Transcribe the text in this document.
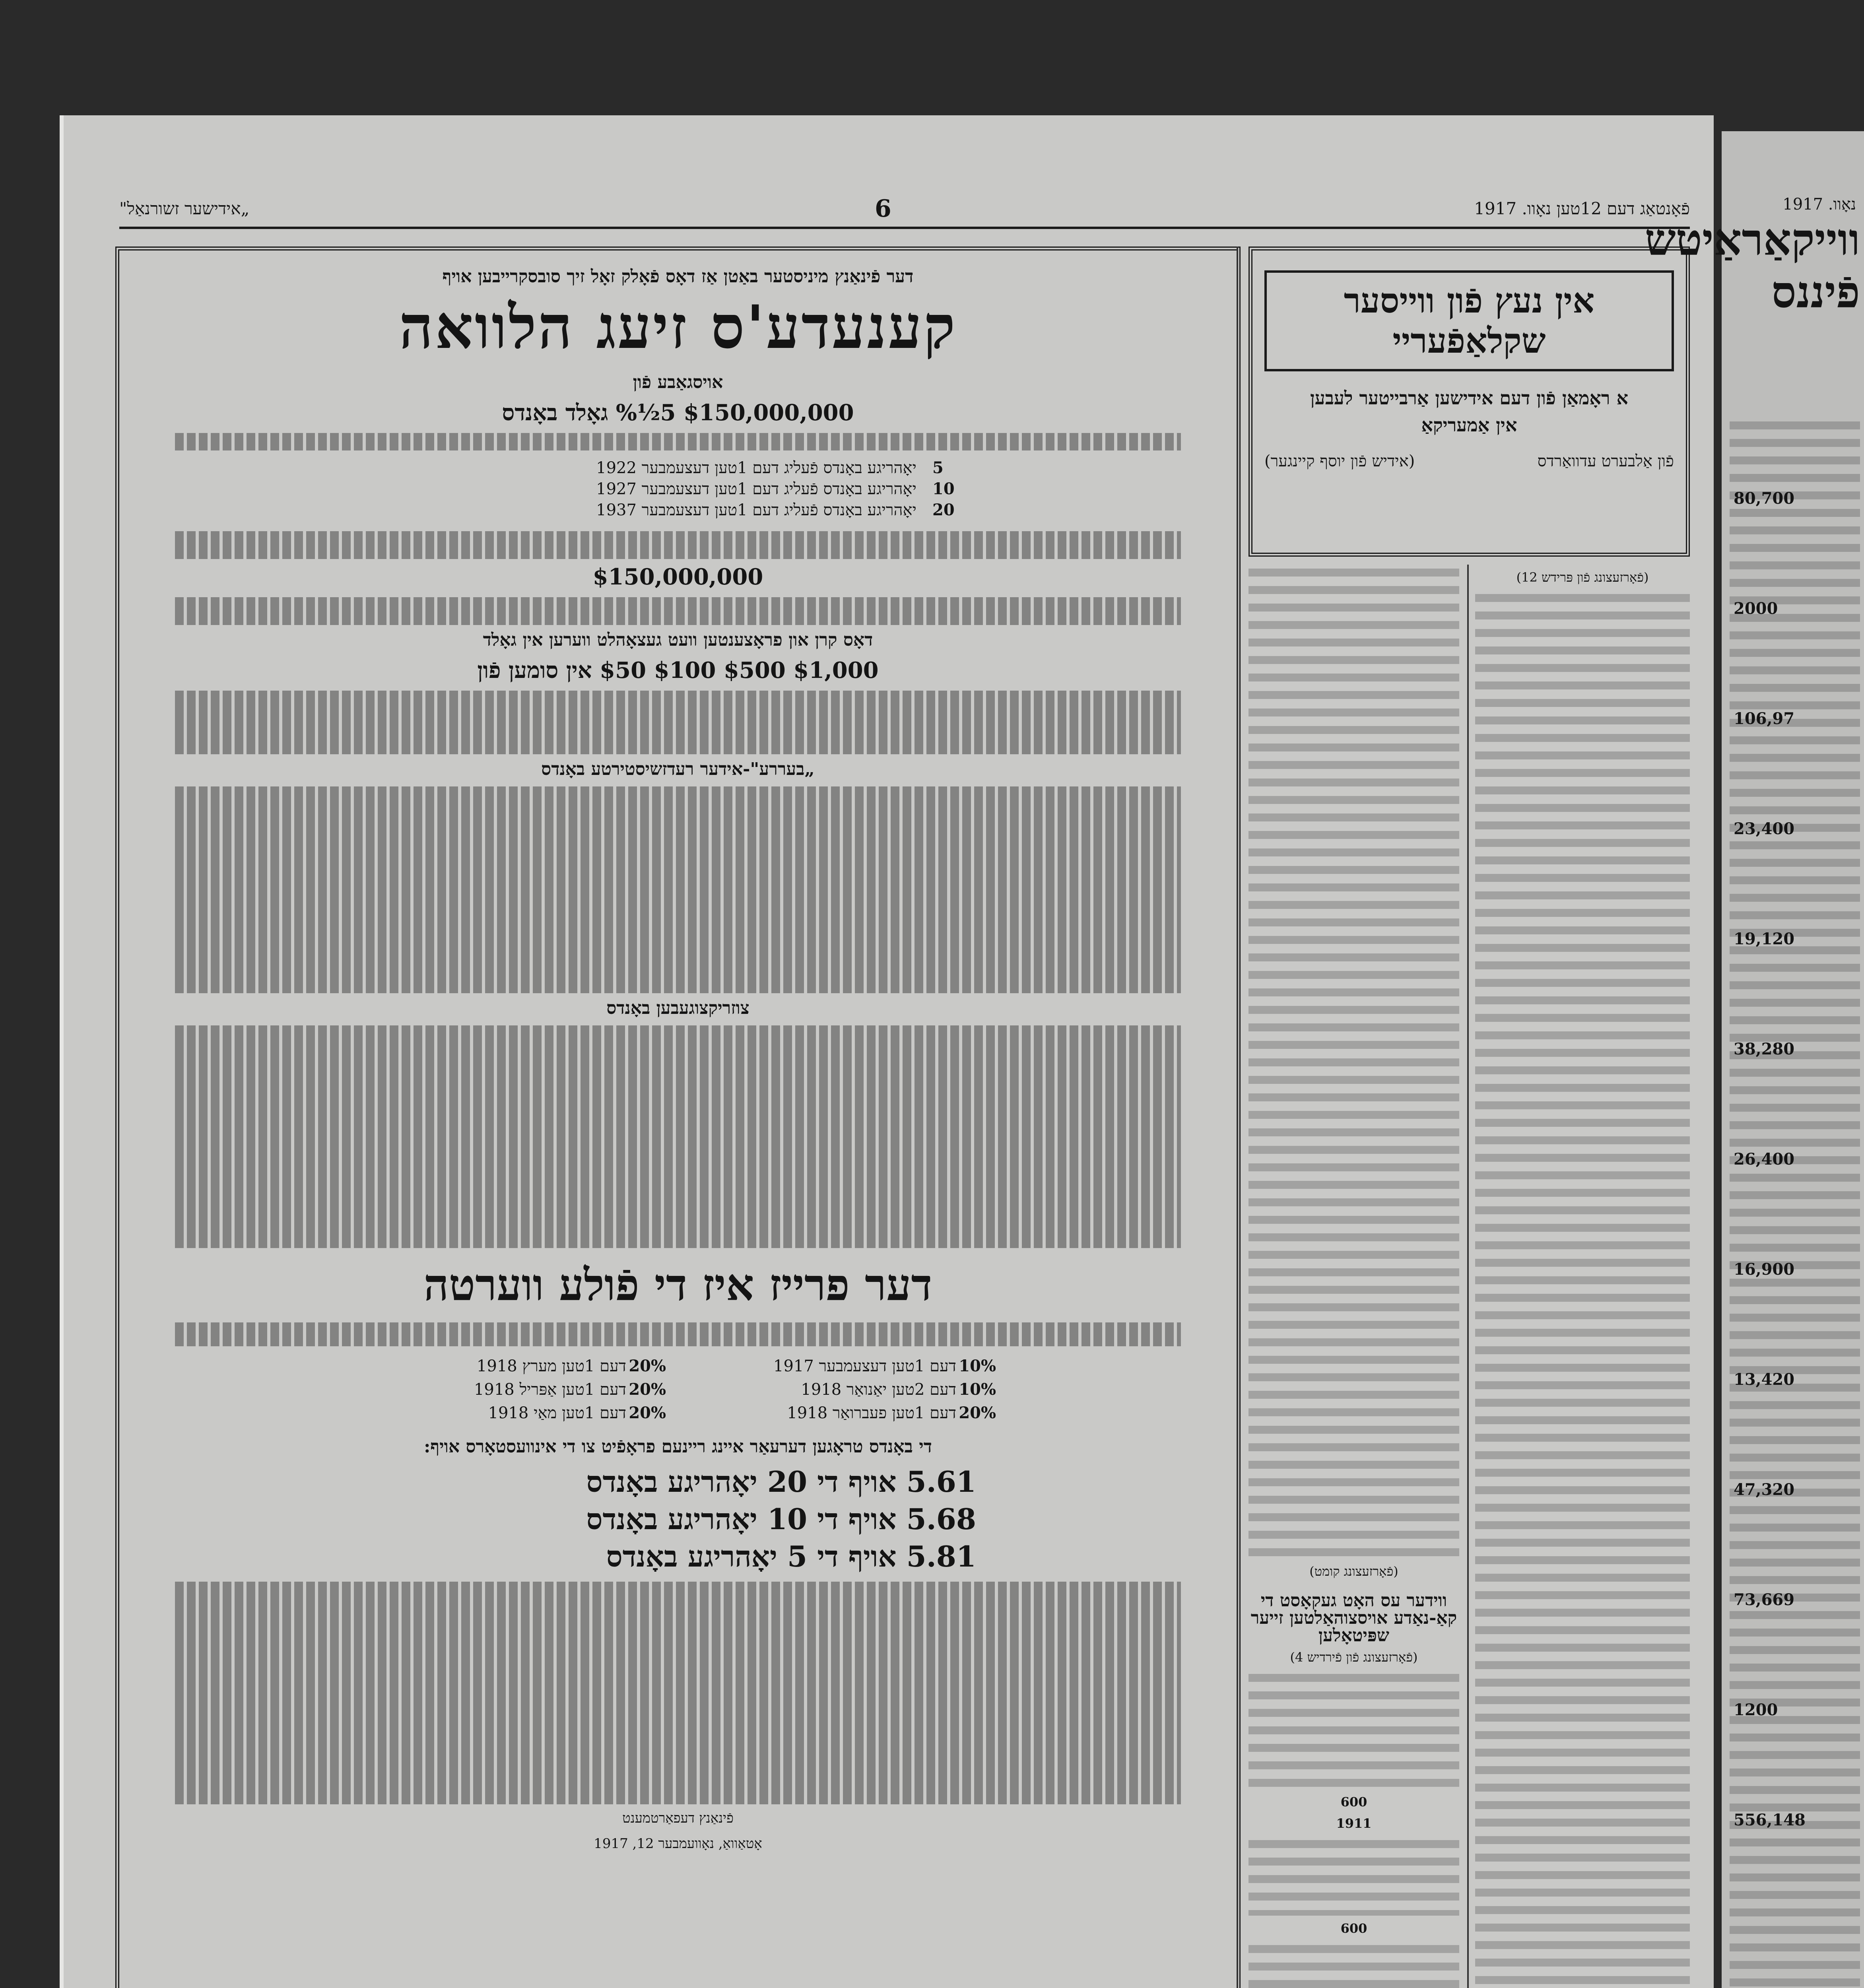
פֿאָנטאַג דעם 12טען נאָוו. 1917
6
„אידישער זשורנאַל"
דער פֿינאַנץ מיניסטער באַטן אַז דאָס פֿאָלק זאָל זיך סובסקרייבען אויף
קענעדע'ס זיעג הלוואה
אויסגאַבע פֿון
$150,000,000 5½% גאָלד באָנדס
5
יאָהריגע באָנדס פֿעליג דעם 1טען דעצעמבער 1922
10
יאָהריגע באָנדס פֿעליג דעם 1טען דעצעמבער 1927
20
יאָהריגע באָנדס פֿעליג דעם 1טען דעצעמבער 1937
$150,000,000
דאָס קרן און פראָצענטען וועט געצאָהלט ווערען אין גאָלד
$1,000 $500 $100 $50 אין סומען פֿון
„בעררע"-אידער רעדזשיסטירטע באָנדס
צוזריקצוגעבען באָנדס
דער פרייז איז די פֿולע ווערטה
10%
דעם 1טען דעצעמבער 1917
20%
דעם 1טען מערץ 1918
10%
דעם 2טען יאַנואַר 1918
20%
דעם 1טען אַפּריל 1918
20%
דעם 1טען פעברואַר 1918
20%
דעם 1טען מאַי 1918
די באָנדס טראָגען דערעאַר איינג ריינעם פראָפֿיט צו די אינוועסטאָרס אויף:
5.61 אויף די 20 יאָהריגע באָנדס
5.68 אויף די 10 יאָהריגע באָנדס
5.81 אויף די 5 יאָהריגע באָנדס
פֿינאַנץ דעפאַרטמענט
אָטאַוואַ, נאָוועמבער 12, 1917
אין נעץ פֿון ווייסער שקלאַפֿעריי
א ראָמאַן פֿון דעם אידישען אַרבייטער לעבען
אין אַמעריקאַ
פֿון אַלבערט עדוואַרדס
(אידיש פֿון יוסף קיינגער)
(פֿאָרזעצונג פֿון פּרידש 12)
(פֿאָרזעצונג קומט)
ווידער עס האָט געקאָסט די קאַ-נאַדע אויסצוהאַלטען זייער שפּיטאָלען
(פֿאָרזעצונג פֿון פֿירדיש 4)
600
1911
600
נאָוו. 1917
ווייקאַראַיטש
פֿיננס
80,700
2000
106,97
23,400
19,120
38,280
26,400
16,900
13,420
47,320
73,669
1200
556,148
